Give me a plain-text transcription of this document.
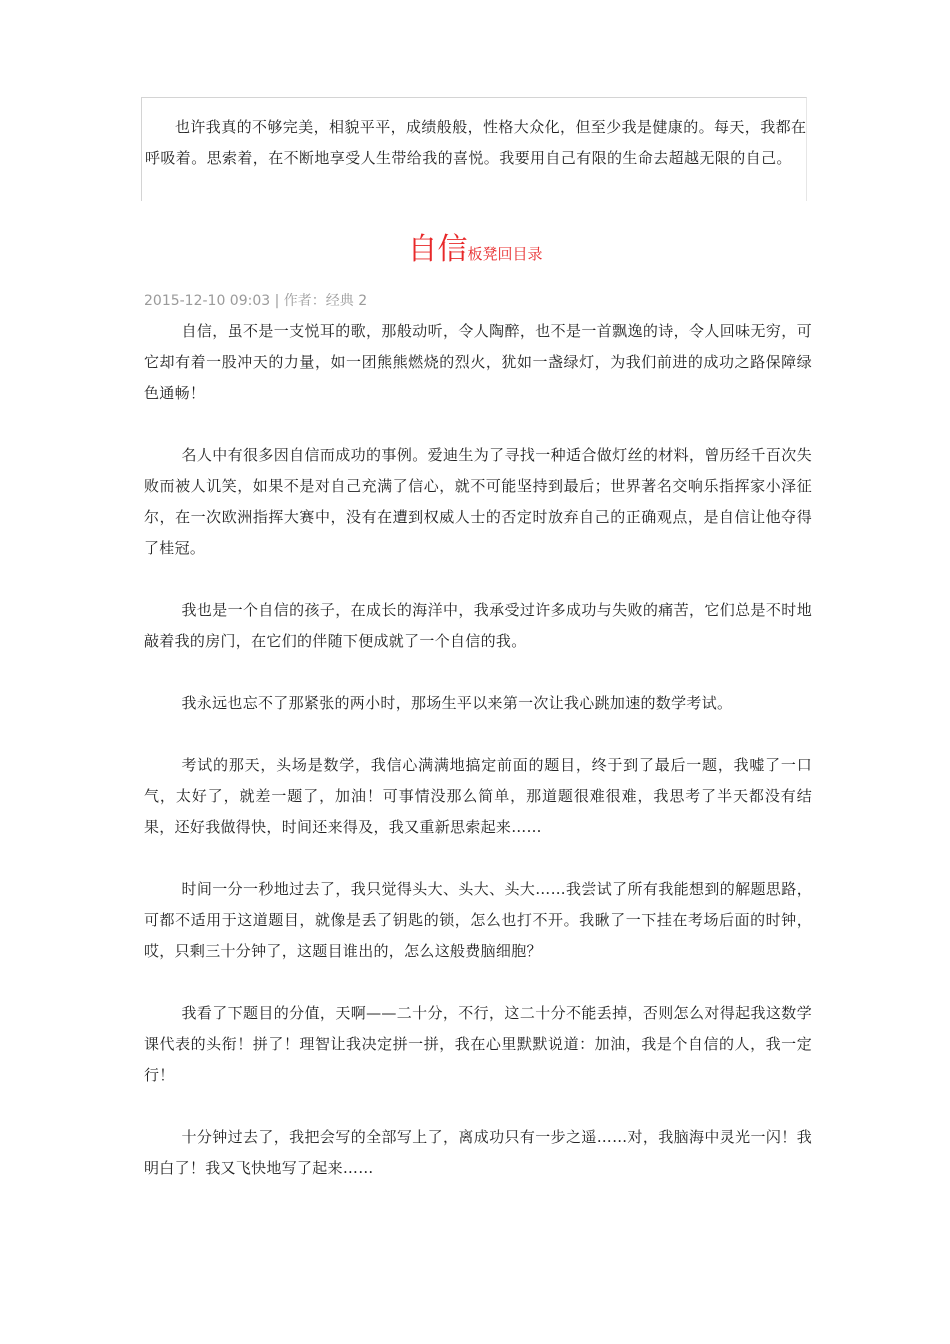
也许我真的不够完美，相貌平平，成绩般般，性格大众化，但至少我是健康的。每天，我都在呼吸着。思索着，在不断地享受人生带给我的喜悦。我要用自己有限的生命去超越无限的自己。

自信板凳回目录
2015-12-10 09:03 | 作者：经典 2

自信，虽不是一支悦耳的歌，那般动听，令人陶醉，也不是一首飘逸的诗，令人回味无穷，可它却有着一股冲天的力量，如一团熊熊燃烧的烈火，犹如一盏绿灯，为我们前进的成功之路保障绿色通畅！

名人中有很多因自信而成功的事例。爱迪生为了寻找一种适合做灯丝的材料，曾历经千百次失败而被人讥笑，如果不是对自己充满了信心，就不可能坚持到最后；世界著名交响乐指挥家小泽征尔，在一次欧洲指挥大赛中，没有在遭到权威人士的否定时放弃自己的正确观点，是自信让他夺得了桂冠。

我也是一个自信的孩子，在成长的海洋中，我承受过许多成功与失败的痛苦，它们总是不时地敲着我的房门，在它们的伴随下便成就了一个自信的我。

我永远也忘不了那紧张的两小时，那场生平以来第一次让我心跳加速的数学考试。

考试的那天，头场是数学，我信心满满地搞定前面的题目，终于到了最后一题，我嘘了一口气，太好了，就差一题了，加油！可事情没那么简单，那道题很难很难，我思考了半天都没有结果，还好我做得快，时间还来得及，我又重新思索起来……

时间一分一秒地过去了，我只觉得头大、头大、头大……我尝试了所有我能想到的解题思路，可都不适用于这道题目，就像是丢了钥匙的锁，怎么也打不开。我瞅了一下挂在考场后面的时钟，哎，只剩三十分钟了，这题目谁出的，怎么这般费脑细胞？

我看了下题目的分值，天啊——二十分，不行，这二十分不能丢掉，否则怎么对得起我这数学课代表的头衔！拼了！理智让我决定拼一拼，我在心里默默说道：加油，我是个自信的人，我一定行！

十分钟过去了，我把会写的全部写上了，离成功只有一步之遥……对，我脑海中灵光一闪！我明白了！我又飞快地写了起来……
